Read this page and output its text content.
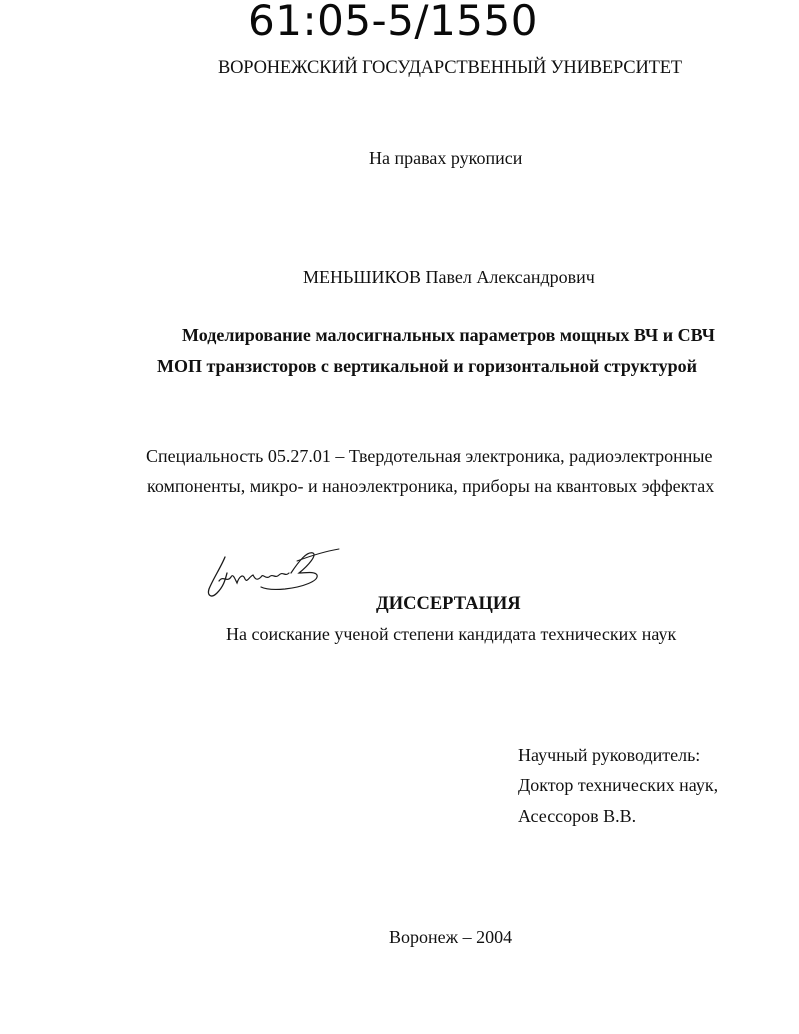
61:05-5/1550
ВОРОНЕЖСКИЙ ГОСУДАРСТВЕННЫЙ УНИВЕРСИТЕТ
На правах рукописи
МЕНЬШИКОВ Павел Александрович
Моделирование малосигнальных параметров мощных ВЧ и СВЧ
МОП транзисторов с вертикальной и горизонтальной структурой
Специальность 05.27.01 – Твердотельная электроника, радиоэлектронные
компоненты, микро- и наноэлектроника, приборы на квантовых эффектах
ДИССЕРТАЦИЯ
На соискание ученой степени кандидата технических наук
Научный руководитель:
Доктор технических наук,
Асессоров В.В.
Воронеж – 2004
